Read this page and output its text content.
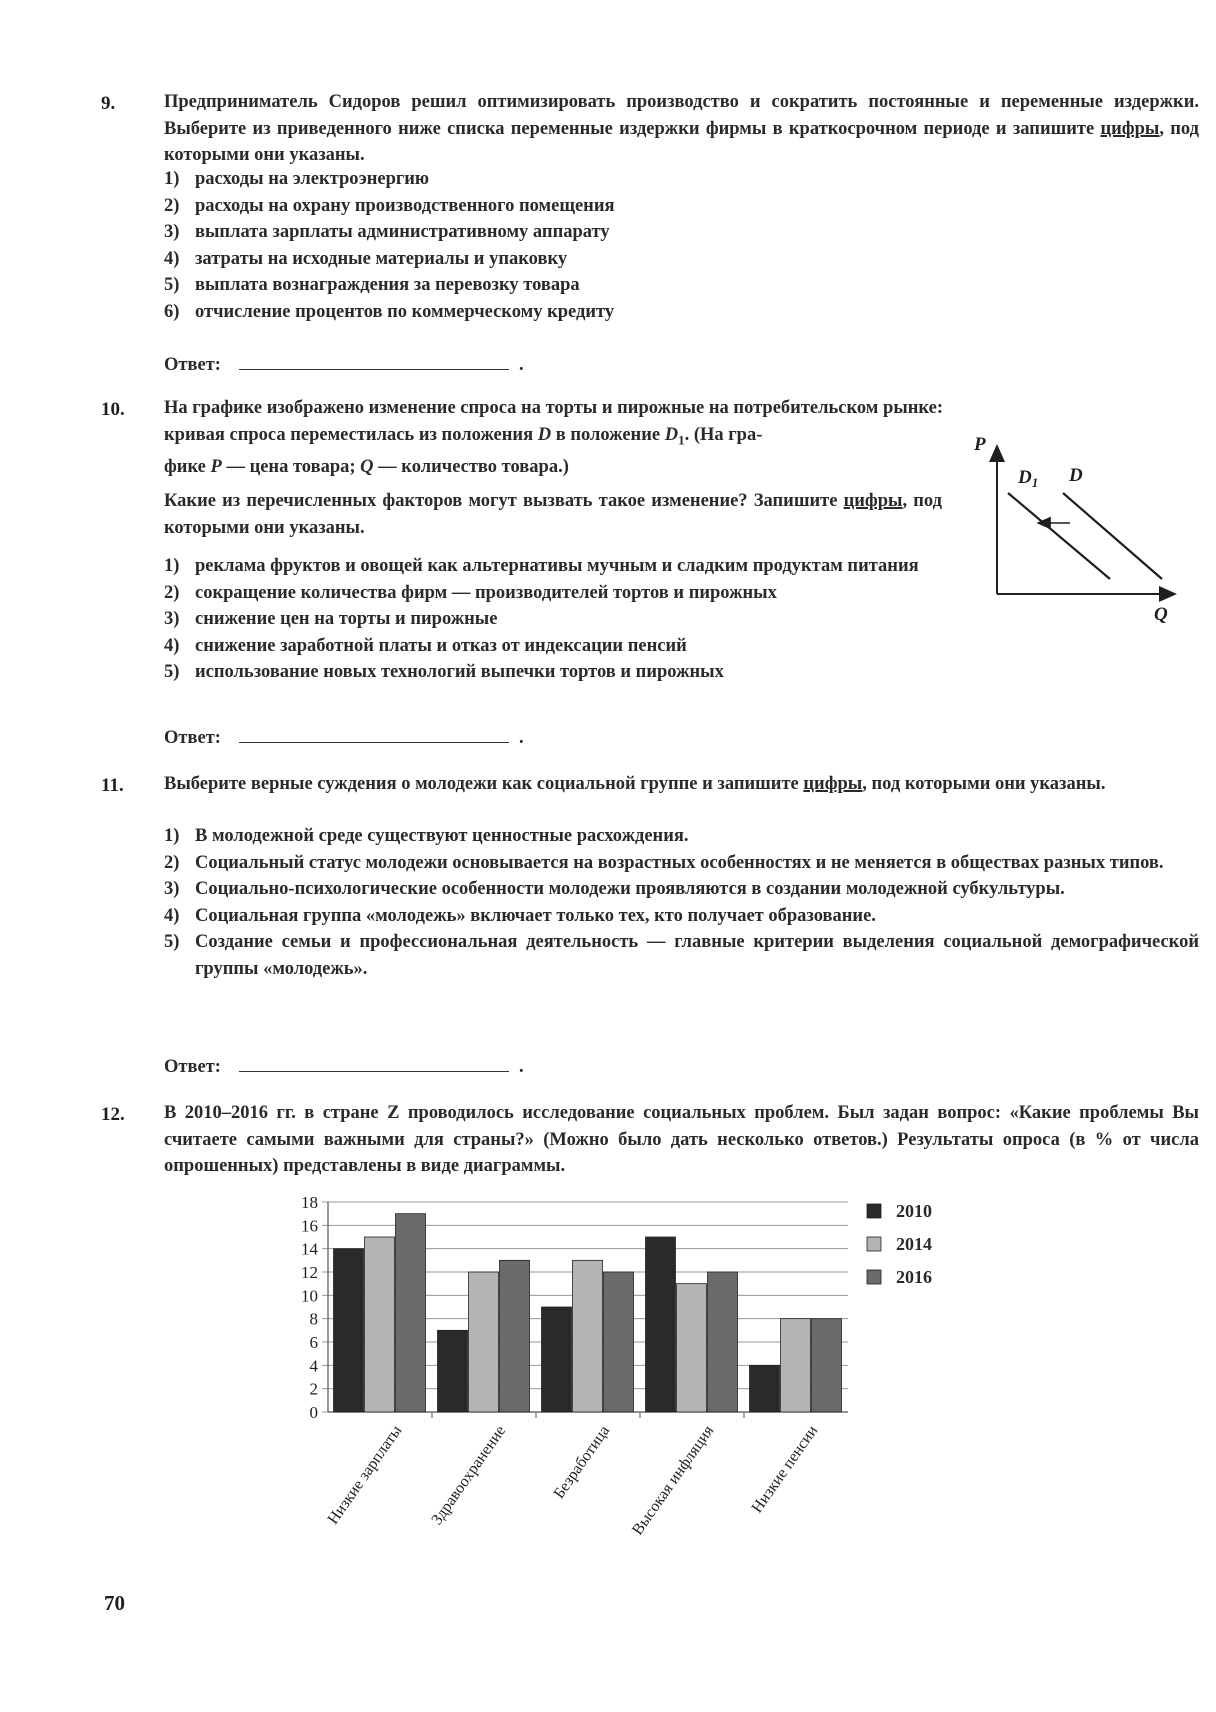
9.	Предприниматель Сидоров решил оптимизировать производство и сократить постоянные и переменные издержки. Выберите из приведенного ниже списка переменные издержки фирмы в краткосрочном периоде и запишите цифры, под которыми они указаны.
1) расходы на электроэнергию
2) расходы на охрану производственного помещения
3) выплата зарплаты административному аппарату
4) затраты на исходные материалы и упаковку
5) выплата вознаграждения за перевозку товара
6) отчисление процентов по коммерческому кредиту
Ответ:	.
10. На графике изображено изменение спроса на торты и пирожные на потребительском рынке:
кривая спроса переместилась из положения D в положение $D_1$. (На гра-
фике P — цена товара; Q — количество товара.)
Какие из перечисленных факторов могут вызвать такое изменение? Запишите цифры, под которыми они указаны.
1) реклама фруктов и овощей как альтернативы мучным и сладким продуктам питания
2) сокращение количества фирм — производителей тортов и пирожных
3) снижение цен на торты и пирожные
4) снижение заработной платы и отказ от индексации пенсий
5) использование новых технологий выпечки тортов и пирожных
Ответ:	.
P
Q
$D_1$ D
11. Выберите верные суждения о молодежи как социальной группе и запишите цифры, под которыми они указаны.
1) В молодежной среде существуют ценностные расхождения.
2) Социальный статус молодежи основывается на возрастных особенностях и не меняется в обществах разных типов.
3) Социально-психологические особенности молодежи проявляются в создании молодежной субкультуры.
4) Социальная группа «молодежь» включает только тех, кто получает образование.
5) Создание семьи и профессиональная деятельность — главные критерии выделения социальной демографической группы «молодежь».
Ответ:	.
12. В 2010–2016 гг. в стране Z проводилось исследование социальных проблем. Был задан вопрос: «Какие проблемы Вы считаете самыми важными для страны?» (Можно было дать несколько ответов.) Результаты опроса (в % от числа опрошенных) представлены в виде диаграммы.
0
2
4
6
8
10
12
14
16
18
Низкие зарплаты Здравоохранение	Безработица Высокая инфляция Низкие пенсии
2010
2014
2016
70
